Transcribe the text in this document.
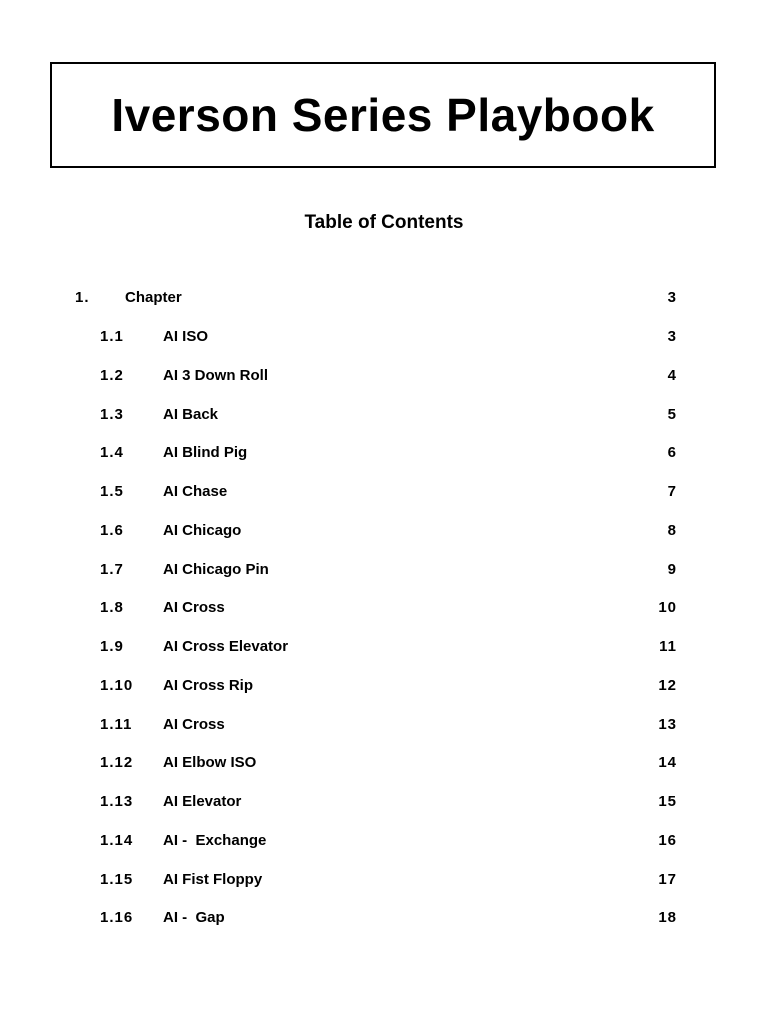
Iverson Series Playbook
Table of Contents
1. Chapter	3
1.1	AI ISO	3
1.2	AI 3 Down Roll	4
1.3	AI Back	5
1.4	AI Blind Pig	6
1.5	AI Chase	7
1.6	AI Chicago	8
1.7	AI Chicago Pin	9
1.8	AI Cross	10
1.9	AI Cross Elevator	11
1.10 AI Cross Rip	12
1.11 AI Cross	13
1.12 AI Elbow ISO	14
1.13 AI Elevator	15
1.14 AI -  Exchange	16
1.15 AI Fist Floppy	17
1.16 AI -  Gap	18
